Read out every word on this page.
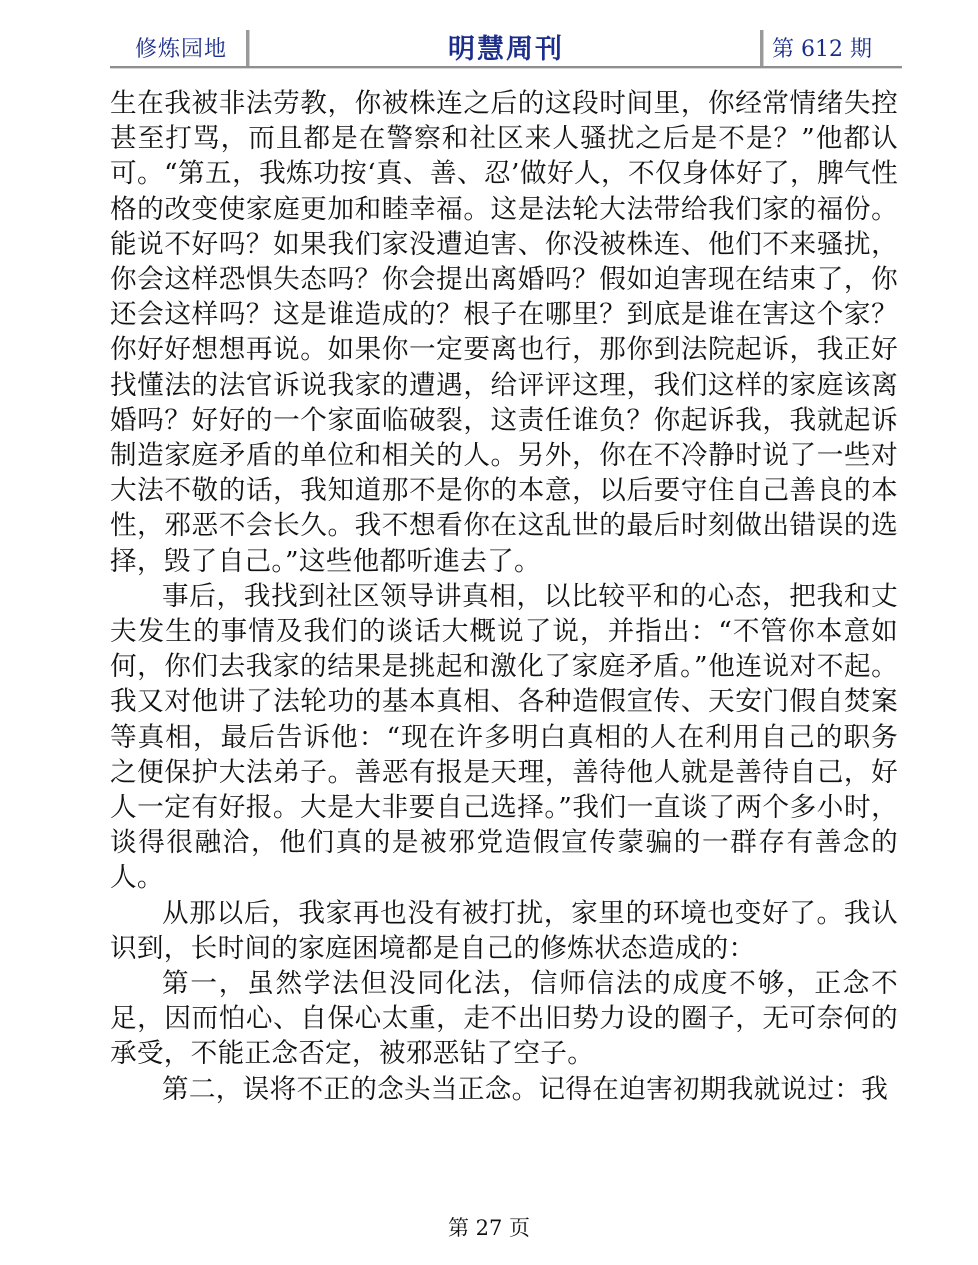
修炼园地	明慧周刊	第 612 期

生在我被非法劳教，你被株连之后的这段时间里，你经常情绪失控甚至打骂，而且都是在警察和社区来人骚扰之后是不是？”他都认可。“第五，我炼功按‘真、善、忍’做好人，不仅身体好了，脾气性格的改变使家庭更加和睦幸福。这是法轮大法带给我们家的福份。能说不好吗？如果我们家没遭迫害、你没被株连、他们不来骚扰，你会这样恐惧失态吗？你会提出离婚吗？假如迫害现在结束了，你还会这样吗？这是谁造成的？根子在哪里？到底是谁在害这个家？你好好想想再说。如果你一定要离也行，那你到法院起诉，我正好找懂法的法官诉说我家的遭遇，给评评这理，我们这样的家庭该离婚吗？好好的一个家面临破裂，这责任谁负？你起诉我，我就起诉制造家庭矛盾的单位和相关的人。另外，你在不冷静时说了一些对大法不敬的话，我知道那不是你的本意，以后要守住自己善良的本性，邪恶不会长久。我不想看你在这乱世的最后时刻做出错误的选择，毁了自己。”这些他都听進去了。

事后，我找到社区领导讲真相，以比较平和的心态，把我和丈夫发生的事情及我们的谈话大概说了说，并指出：“不管你本意如何，你们去我家的结果是挑起和激化了家庭矛盾。”他连说对不起。我又对他讲了法轮功的基本真相、各种造假宣传、天安门假自焚案等真相，最后告诉他：“现在许多明白真相的人在利用自己的职务之便保护大法弟子。善恶有报是天理，善待他人就是善待自己，好人一定有好报。大是大非要自己选择。”我们一直谈了两个多小时，谈得很融洽，他们真的是被邪党造假宣传蒙骗的一群存有善念的人。

从那以后，我家再也没有被打扰，家里的环境也变好了。我认识到，长时间的家庭困境都是自己的修炼状态造成的：

第一，虽然学法但没同化法，信师信法的成度不够，正念不足，因而怕心、自保心太重，走不出旧势力设的圈子，无可奈何的承受，不能正念否定，被邪恶钻了空子。

第二，误将不正的念头当正念。记得在迫害初期我就说过：我

第 27 页
